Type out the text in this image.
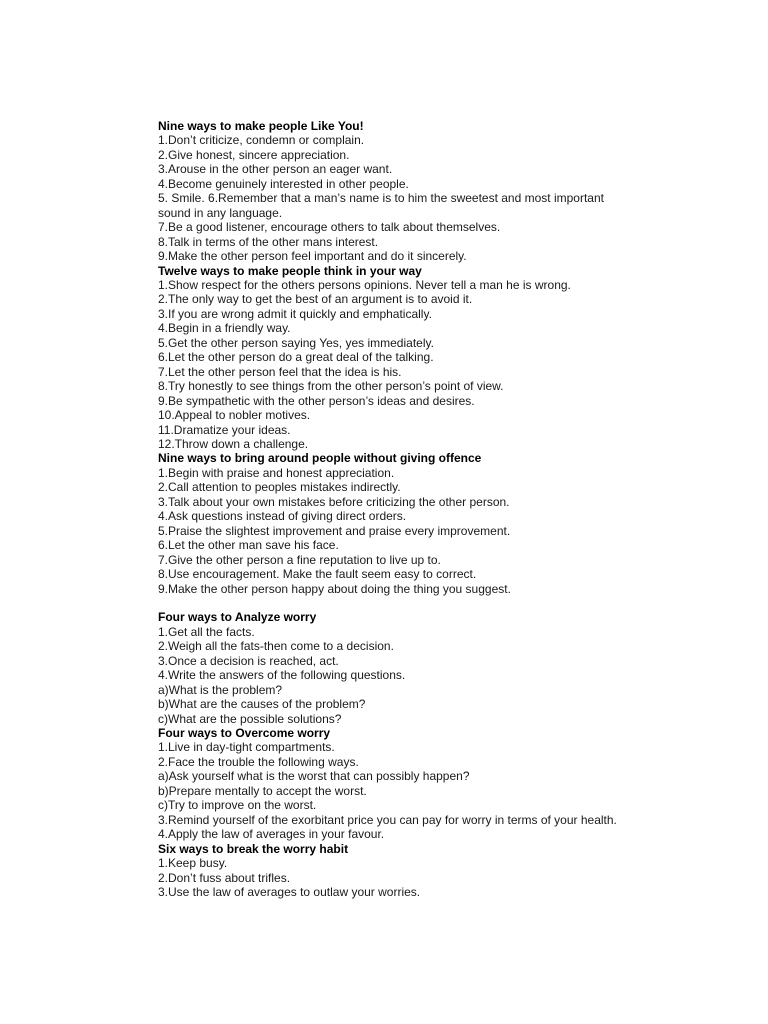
Nine ways to make people Like You!

1.Don’t criticize, condemn or complain.

2.Give honest, sincere appreciation.

3.Arouse in the other person an eager want.

4.Become genuinely interested in other people.

5. Smile. 6.Remember that a man’s name is to him the sweetest and most important sound in any language.

7.Be a good listener, encourage others to talk about themselves.

8.Talk in terms of the other mans interest.

9.Make the other person feel important and do it sincerely.

Twelve ways to make people think in your way

1.Show respect for the others persons opinions. Never tell a man he is wrong.

2.The only way to get the best of an argument is to avoid it.

3.If you are wrong admit it quickly and emphatically.

4.Begin in a friendly way.

5.Get the other person saying Yes, yes immediately.

6.Let the other person do a great deal of the talking.

7.Let the other person feel that the idea is his.

8.Try honestly to see things from the other person’s point of view.

9.Be sympathetic with the other person’s ideas and desires.

10.Appeal to nobler motives.

11.Dramatize your ideas.

12.Throw down a challenge.

Nine ways to bring around people without giving offence

1.Begin with praise and honest appreciation.

2.Call attention to peoples mistakes indirectly.

3.Talk about your own mistakes before criticizing the other person.

4.Ask questions instead of giving direct orders.

5.Praise the slightest improvement and praise every improvement.

6.Let the other man save his face.

7.Give the other person a fine reputation to live up to.

8.Use encouragement. Make the fault seem easy to correct.

9.Make the other person happy about doing the thing you suggest.

Four ways to Analyze worry

1.Get all the facts.

2.Weigh all the fats-then come to a decision.

3.Once a decision is reached, act.

4.Write the answers of the following questions.

a)What is the problem?

b)What are the causes of the problem?

c)What are the possible solutions?

Four ways to Overcome worry

1.Live in day-tight compartments.

2.Face the trouble the following ways.

a)Ask yourself what is the worst that can possibly happen?

b)Prepare mentally to accept the worst.

c)Try to improve on the worst.

3.Remind yourself of the exorbitant price you can pay for worry in terms of your health.

4.Apply the law of averages in your favour.

Six ways to break the worry habit

1.Keep busy.

2.Don’t fuss about trifles.

3.Use the law of averages to outlaw your worries.
